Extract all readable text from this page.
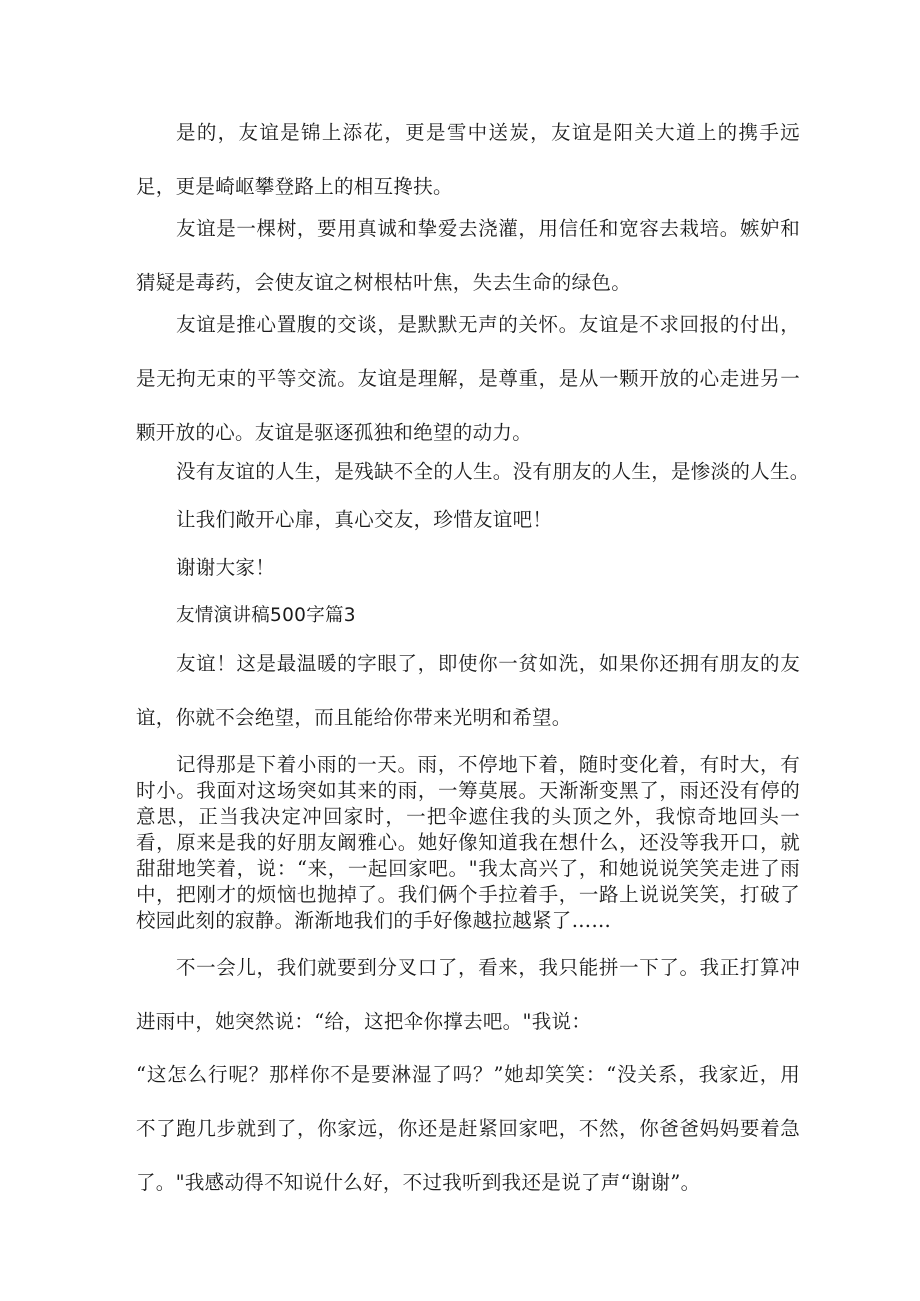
是的，友谊是锦上添花，更是雪中送炭，友谊是阳关大道上的携手远足，更是崎岖攀登路上的相互搀扶。

友谊是一棵树，要用真诚和挚爱去浇灌，用信任和宽容去栽培。嫉妒和猜疑是毒药，会使友谊之树根枯叶焦，失去生命的绿色。

友谊是推心置腹的交谈，是默默无声的关怀。友谊是不求回报的付出，是无拘无束的平等交流。友谊是理解，是尊重，是从一颗开放的心走进另一颗开放的心。友谊是驱逐孤独和绝望的动力。

没有友谊的人生，是残缺不全的人生。没有朋友的人生，是惨淡的人生。

让我们敞开心扉，真心交友，珍惜友谊吧！

谢谢大家！

友情演讲稿500字篇3

友谊！这是最温暖的字眼了，即使你一贫如洗，如果你还拥有朋友的友谊，你就不会绝望，而且能给你带来光明和希望。

记得那是下着小雨的一天。雨，不停地下着，随时变化着，有时大，有时小。我面对这场突如其来的雨，一筹莫展。天渐渐变黑了，雨还没有停的意思，正当我决定冲回家时，一把伞遮住我的头顶之外，我惊奇地回头一看，原来是我的好朋友阚雅心。她好像知道我在想什么，还没等我开口，就甜甜地笑着，说：“来，一起回家吧。"我太高兴了，和她说说笑笑走进了雨中，把刚才的烦恼也抛掉了。我们俩个手拉着手，一路上说说笑笑，打破了校园此刻的寂静。渐渐地我们的手好像越拉越紧了……

不一会儿，我们就要到分叉口了，看来，我只能拼一下了。我正打算冲进雨中，她突然说：“给，这把伞你撑去吧。"我说：

“这怎么行呢？那样你不是要淋湿了吗？”她却笑笑：“没关系，我家近，用不了跑几步就到了，你家远，你还是赶紧回家吧，不然，你爸爸妈妈要着急了。"我感动得不知说什么好，不过我听到我还是说了声“谢谢”。
